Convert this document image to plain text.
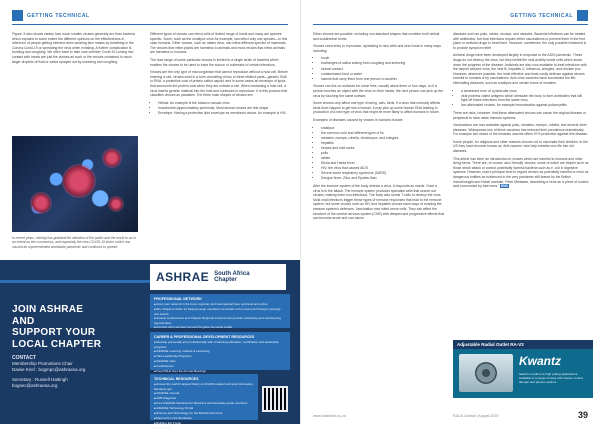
GETTING TECHNICAL

Figure. It also shows clearly how much smaller viruses generally are than bacteria which explains to some extent the different opinions on the effectiveness in inference of people getting infected when wearing face masks by breathing in the Corona Covid-19 or spreading the virus when exhaling. A further complication is bursting and coughing. We often have to take care whether Covid-19 coming into contact with hands are just the viruses as such or the viruses contained in much larger droplets of fluid or saliva sprayed out by sneezing and coughing.

Different types of viruses can infect cells of limited range of hosts and many are species specific. Some, such as the smallpox virus for example, can infect only one species—in this case humans. Other viruses, such as rabies virus, can infect different species of mammals. The viruses that infect plants are harmless to animals and most viruses that infect animals are harmless to humans.

The host range of some particular viruses is limited to a single strain of bacteria which enables the viruses to be used to trace the source of outbreaks of certain infections.

Viruses are the only type of microorganism that cannot reproduce without a host cell. Before entering a cell, viruses exist in a form consisting of two or three distinct parts—genetic DNA or RNA; a protective coat of protein called capsid; and in some cases an envelope of lipids that surrounds the protein coat when they are outside a cell. When contacting a host cell, a virus inserts genetic material into the host and continues to reproduce. It is this process that classifies viruses as parasites. The three main shapes of viruses are:

• Helical: An example is the tobacco mosaic virus
• Icosahedral (approximately spherical): Most animal viruses are this shape
• Envelope: Having a protective lipid envelope as mentioned above. An example is HIV.
In recent years, nothing has grabbed the attention of the public and the world to such an extent as the coronavirus, and especially the new COVID-19 strain, which has caused an unprecedented worldwide pandemic and continues to spread.
ASHRAE South Africa
Chapter
JOIN ASHRAE
AND
SUPPORT YOUR
LOCAL CHAPTER
CONTACT
Membership Promotions Chair
Dawie Kriel : bogmpc@ashraesa.org
Secretary : Russell Hattingh
bogsec@ashraesa.org
PROFESSIONAL NETWORK
■ Grow your network in the local, regional, and international heat, technical and online
■ 80+ Chapters within 12 Regions keep members connected to the local level through meetings and events
■ Society Conferences and Chapter Regional Conferences provide networking and volunteering opportunities
■ Connect with members across the globe via social media
CAREER & PROFESSIONAL DEVELOPMENT RESOURCES
■ Develop personally and professionally with continuing education, certification and leadership programs
■ ASHRAE Learning Institute & eLearning
■ YEA Leadership Programs
■ ASHRAE Jobs
■ Certifications
■ Free PDHs from the Annual Meetings
TECHNICAL RESOURCES
■ Access the world's largest library of HVACR-related technical information. Members get:
■ ASHRAE Journal
■ HPB Magazine
■ Free ASHRAE Standard for Members and Associate grade members
■ ASHRAE Technology Portal
■ Science and Technology for the Built Environment
■ Discounts in the Bookstore
■ Building EQ Portal
■ IEQ Portal
GETTING TECHNICAL

Either viruses are possible, including non-standard shapes that combine both helical and icosahedral forms.

Viruses need entry to reproduce, spreading to new cells and new hosts in many ways including:

• touch
• exchanges of saliva arising from coughing and sneezing
• sexual contact
• contaminated food or water
• insects that carry them from one person to another

Viruses can live on surfaces for some time, usually about three or four days, so if a person touches an object with the virus on their hands, the next person can pick up the virus by touching the same surface.

Some viruses only affect one type of being, cats, birds. If a virus that normally affects birds does happen to get into a human, it may pick up some human DNA leading to production of a new type of virus that might be more likely to affect humans in future.

Examples of diseases caused by viruses in humans include:

• smallpox
• the common cold and different types of flu
• measles, mumps, rubella, chickenpox, and shingles
• hepatitis
• herpes and cold sores
• polio
• rabies
• Ebola and Hanta fever
• HIV, the virus that causes AIDS
• Severe acute respiratory syndrome (SARS)
• Dengue fever, Zika, and Epstein-Barr

After the immune system of the body detects a virus, it responds as needs. Once a virus is in the attack. The immune system produces specialist cells that search out viruses, making them non-infectious. The body also sends T-cells to destroy the virus. Most viral infections trigger these types of immune responses that lead to the immune system, but some viruses such as HIV and hepatitis viruses have ways of evading the immune system's defences. Vaccination now infect nerve cells. They can affect the structure of the central nervous system (CNS) with delayed and progressive effects that can become acute and can cause

diseases such as polio, rabies, mumps, and measles. Bacterial infections can be treated with antibiotics, but viral infections require either vaccinations to prevent them in the first place or antiviral drugs to treat them. However, sometimes, the only possible treatment is to provide symptom relief.

Antiviral drugs have been developed largely in response to the AIDS pandemic. These drugs do not destroy the virus, but they inhibit the viral activity inside cells which slows down the progress of the disease. Antivirals are also now available to treat infections with the herpes simplex virus, the viral B, hepatitis C, influenza, shingles, and chicken pox. However, wherever possible, the most effective and least costly defense against viruses harmful to humans is by vaccinations. Anti-virus vaccines have succeeded the life-eliminating diseases, such as smallpox and certain forms of measles.

• a weakened form of a particular virus
• viral proteins called antigens which stimulate the body to form antibodies that will fight off future infections from the same virus
• live-attenuated viruses, for example immunization against poliomyelitis

There are risks, however, that these attenuated viruses can cause the original disease or peripheral to have weak immune systems.

Vaccinations are now available against polio, measles, mumps, rubella, and several other diseases. Widespread use of these vaccines has reduced their prevalence dramatically. For example two doses of the measles vaccine offers 97% protection against this disease.

Some people, for religious and other reasons choose not to vaccinate their children. In the US they have become known as 'Anti-vaxxers' who help breathe new life into old diseases.

This article has been an introduction to viruses which are harmful to humans and other living forms. There are, of course, also 'friendly' viruses, some of which are helpful such as those which attack or control potentially harmful bacteria such as e. coli in digestive systems. However, man's principal tend to regard viruses as potentially harmful or even as dangerous entities as evidenced in the very pandemic still feared by the British microbiologist and Nobel laureate, Peter Medawar, describing a virus as 'a piece of nucleic acid surrounded by bad news.' END

Adjustable Radial Outlet RA-V2
Kwantz
Ideal for medium to high ceiling applications. Available in a range of sizes with volume control damper and plenum options.
www.hvacrinfo.co.za	RACA Journal | August 2020	39
